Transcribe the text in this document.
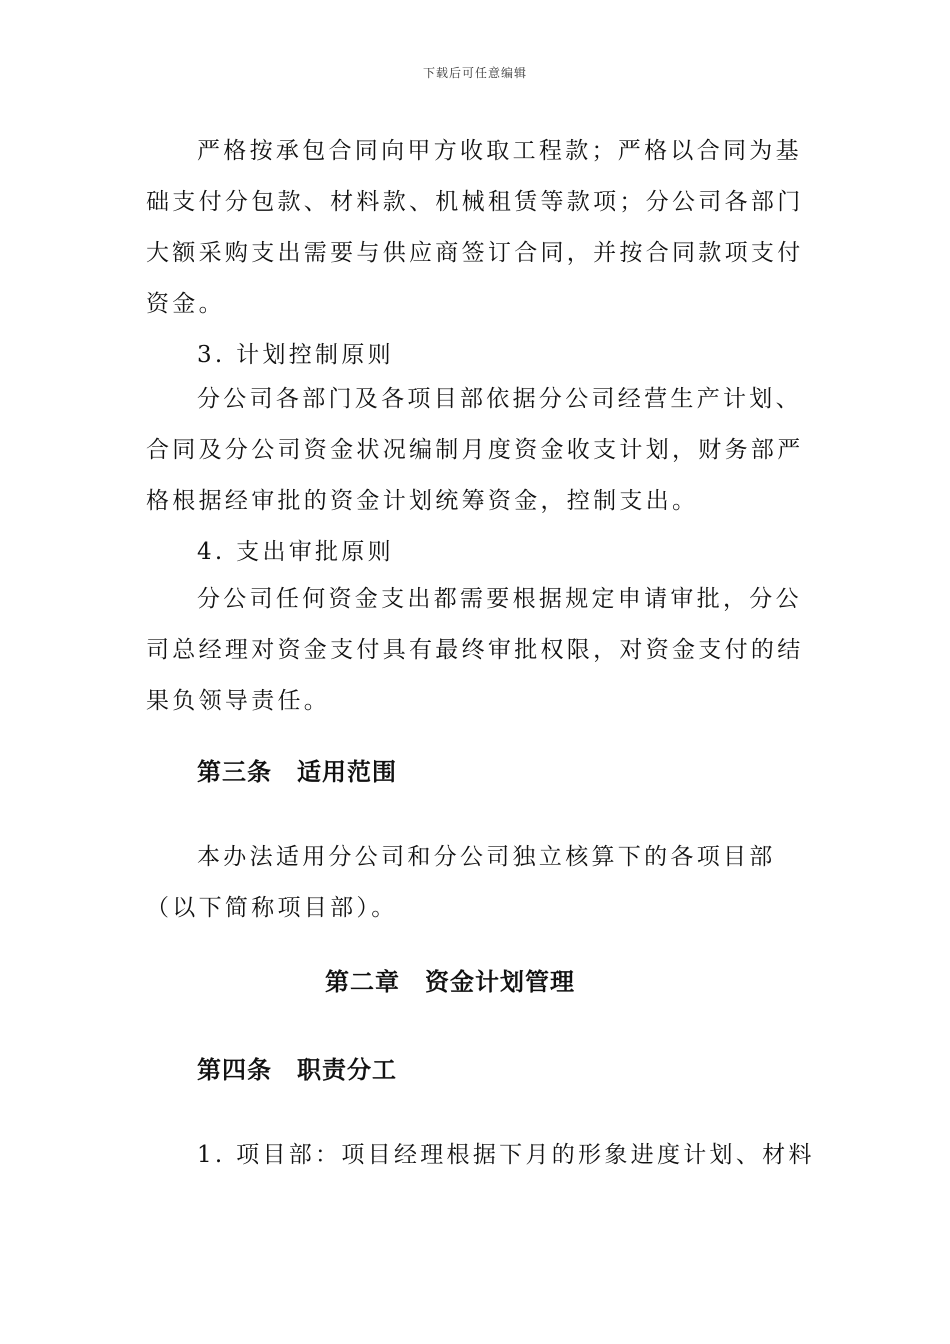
下载后可任意编辑
严格按承包合同向甲方收取工程款；严格以合同为基
础支付分包款、材料款、机械租赁等款项；分公司各部门
大额采购支出需要与供应商签订合同，并按合同款项支付
资金。
3. 计划控制原则
分公司各部门及各项目部依据分公司经营生产计划、
合同及分公司资金状况编制月度资金收支计划，财务部严
格根据经审批的资金计划统筹资金，控制支出。
4. 支出审批原则
分公司任何资金支出都需要根据规定申请审批，分公
司总经理对资金支付具有最终审批权限，对资金支付的结
果负领导责任。
第三条　适用范围
本办法适用分公司和分公司独立核算下的各项目部
（以下简称项目部）。
第二章　资金计划管理
第四条　职责分工
1. 项目部：项目经理根据下月的形象进度计划、材料
